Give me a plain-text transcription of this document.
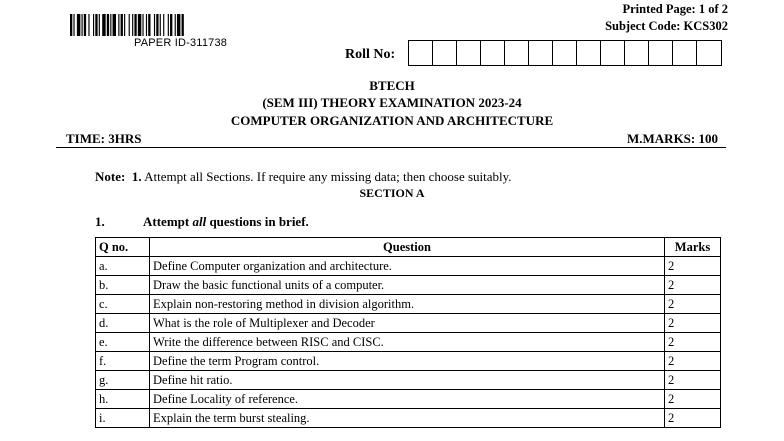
PAPER ID-311738
Printed Page: 1 of 2
Subject Code: KCS302
Roll No:
BTECH
(SEM III) THEORY EXAMINATION 2023-24
COMPUTER ORGANIZATION AND ARCHITECTURE
TIME: 3HRS	M.MARKS: 100
Note: 1. Attempt all Sections. If require any missing data; then choose suitably.
SECTION A
1.	Attempt all questions in brief.
Q no.	Question	Marks
a.	Define Computer organization and architecture.	2
b.	Draw the basic functional units of a computer.	2
c.	Explain non-restoring method in division algorithm.	2
d.	What is the role of Multiplexer and Decoder	2
e.	Write the difference between RISC and CISC.	2
f.	Define the term Program control.	2
g.	Define hit ratio.	2
h.	Define Locality of reference.	2
i.	Explain the term burst stealing.	2
